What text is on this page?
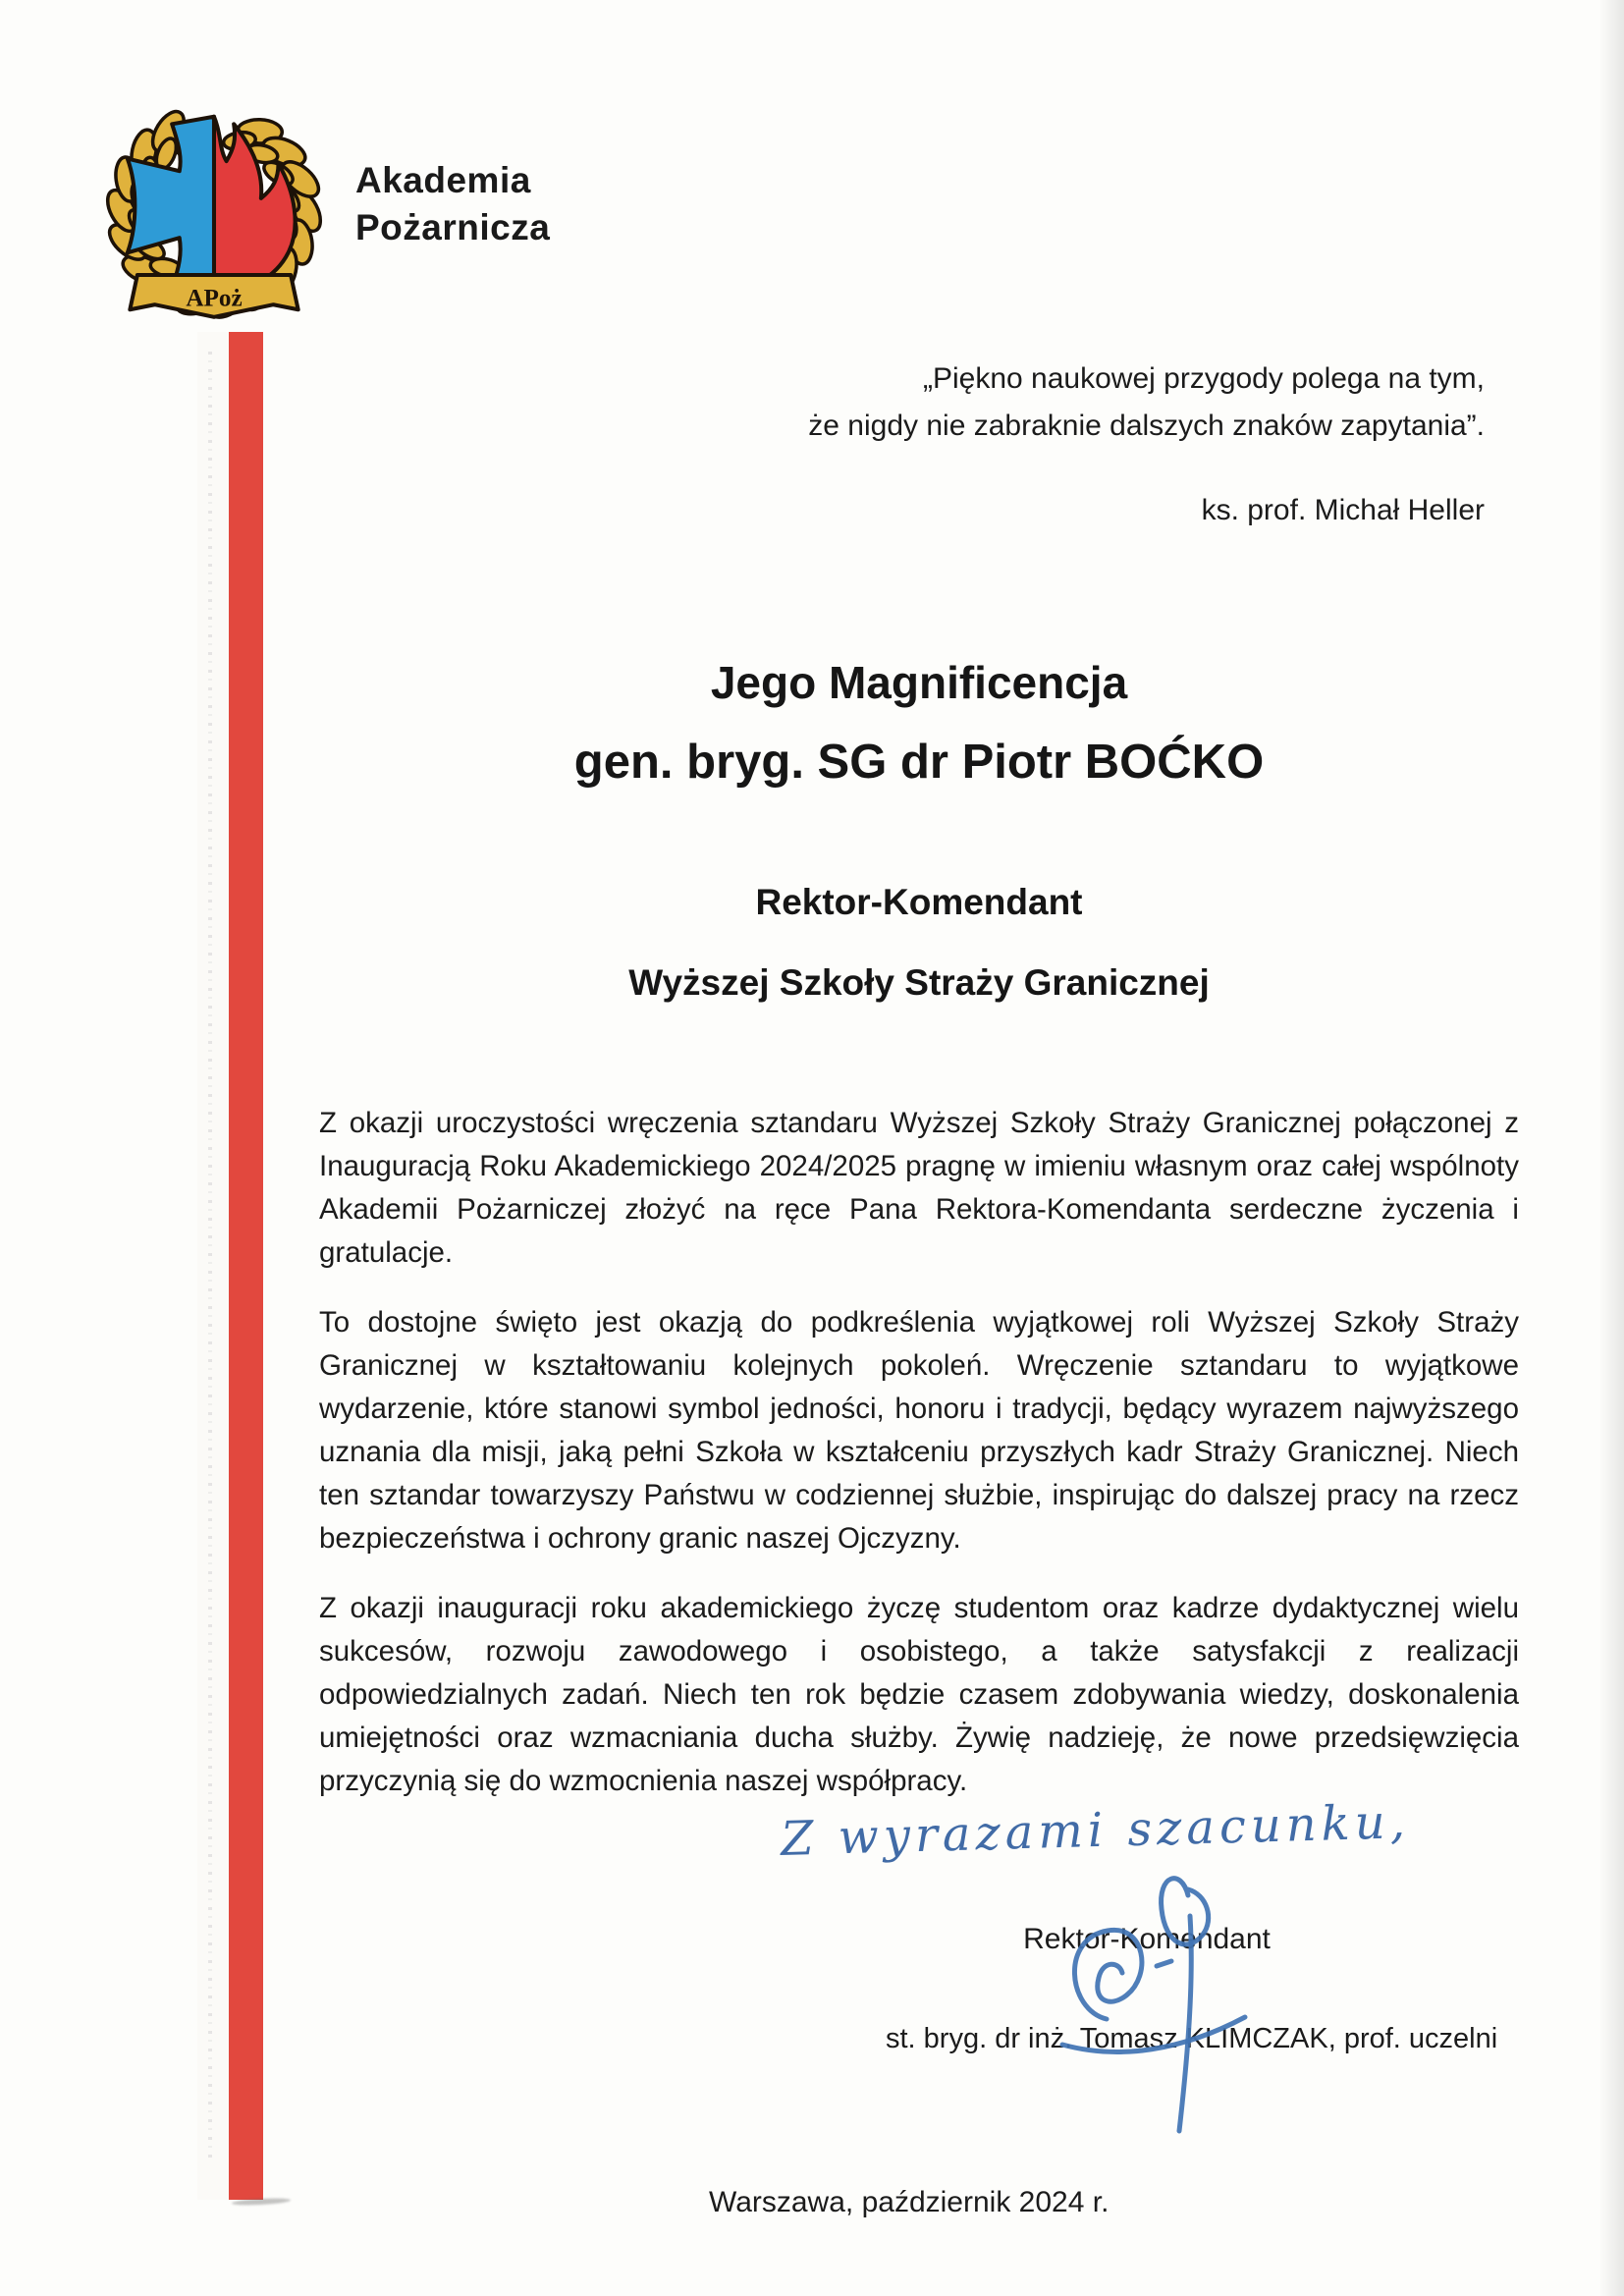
APoż
Akademia
Pożarnicza
„Piękno naukowej przygody polega na tym,
że nigdy nie zabraknie dalszych znaków zapytania”.
ks. prof. Michał Heller
Jego Magnificencja
gen. bryg. SG dr Piotr BOĆKO
Rektor-Komendant
Wyższej Szkoły Straży Granicznej

Z okazji uroczystości wręczenia sztandaru Wyższej Szkoły Straży Granicznej połączonej z Inauguracją Roku Akademickiego 2024/2025 pragnę w imieniu własnym oraz całej wspólnoty Akademii Pożarniczej złożyć na ręce Pana Rektora-Komendanta serdeczne życzenia i gratulacje.

To dostojne święto jest okazją do podkreślenia wyjątkowej roli Wyższej Szkoły Straży Granicznej w kształtowaniu kolejnych pokoleń. Wręczenie sztandaru to wyjątkowe wydarzenie, które stanowi symbol jedności, honoru i tradycji, będący wyrazem najwyższego uznania dla misji, jaką pełni Szkoła w kształceniu przyszłych kadr Straży Granicznej. Niech ten sztandar towarzyszy Państwu w codziennej służbie, inspirując do dalszej pracy na rzecz bezpieczeństwa i ochrony granic naszej Ojczyzny.

Z okazji inauguracji roku akademickiego życzę studentom oraz kadrze dydaktycznej wielu sukcesów, rozwoju zawodowego i osobistego, a także satysfakcji z realizacji odpowiedzialnych zadań. Niech ten rok będzie czasem zdobywania wiedzy, doskonalenia umiejętności oraz wzmacniania ducha służby. Żywię nadzieję, że nowe przedsięwzięcia przyczynią się do wzmocnienia naszej współpracy.

Z wyrazami szacunku,
Rektor-Komendant
st. bryg. dr inż. Tomasz KLIMCZAK, prof. uczelni
Warszawa, październik 2024 r.
